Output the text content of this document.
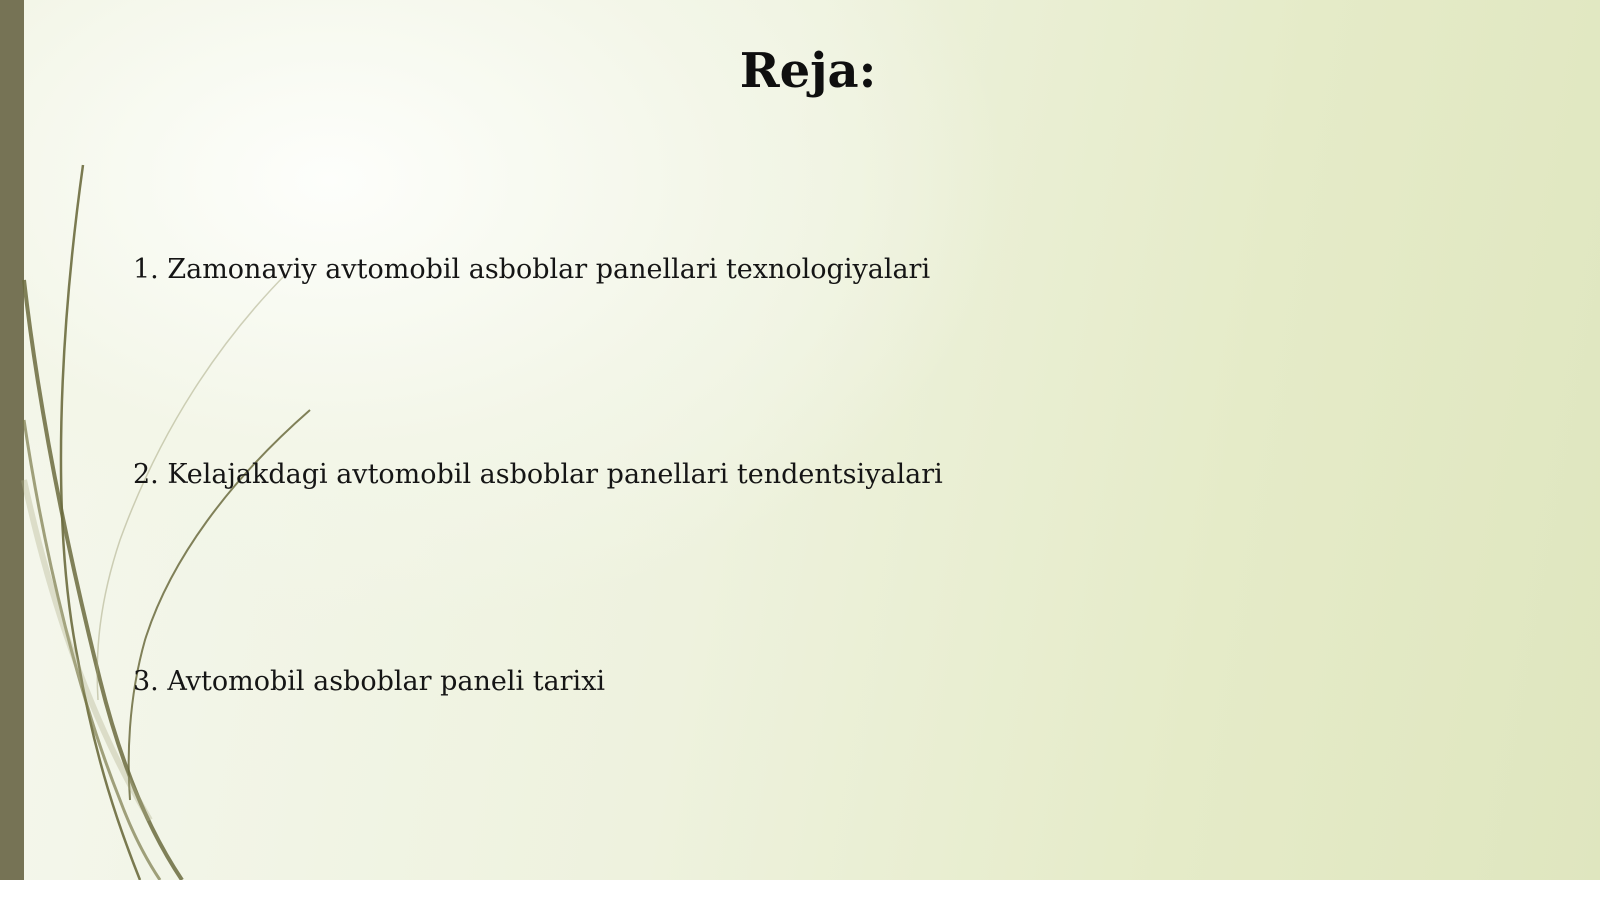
Reja:

1. Zamonaviy avtomobil asboblar panellari texnologiyalari

2. Kelajakdagi avtomobil asboblar panellari tendentsiyalari

3. Avtomobil asboblar paneli tarixi
